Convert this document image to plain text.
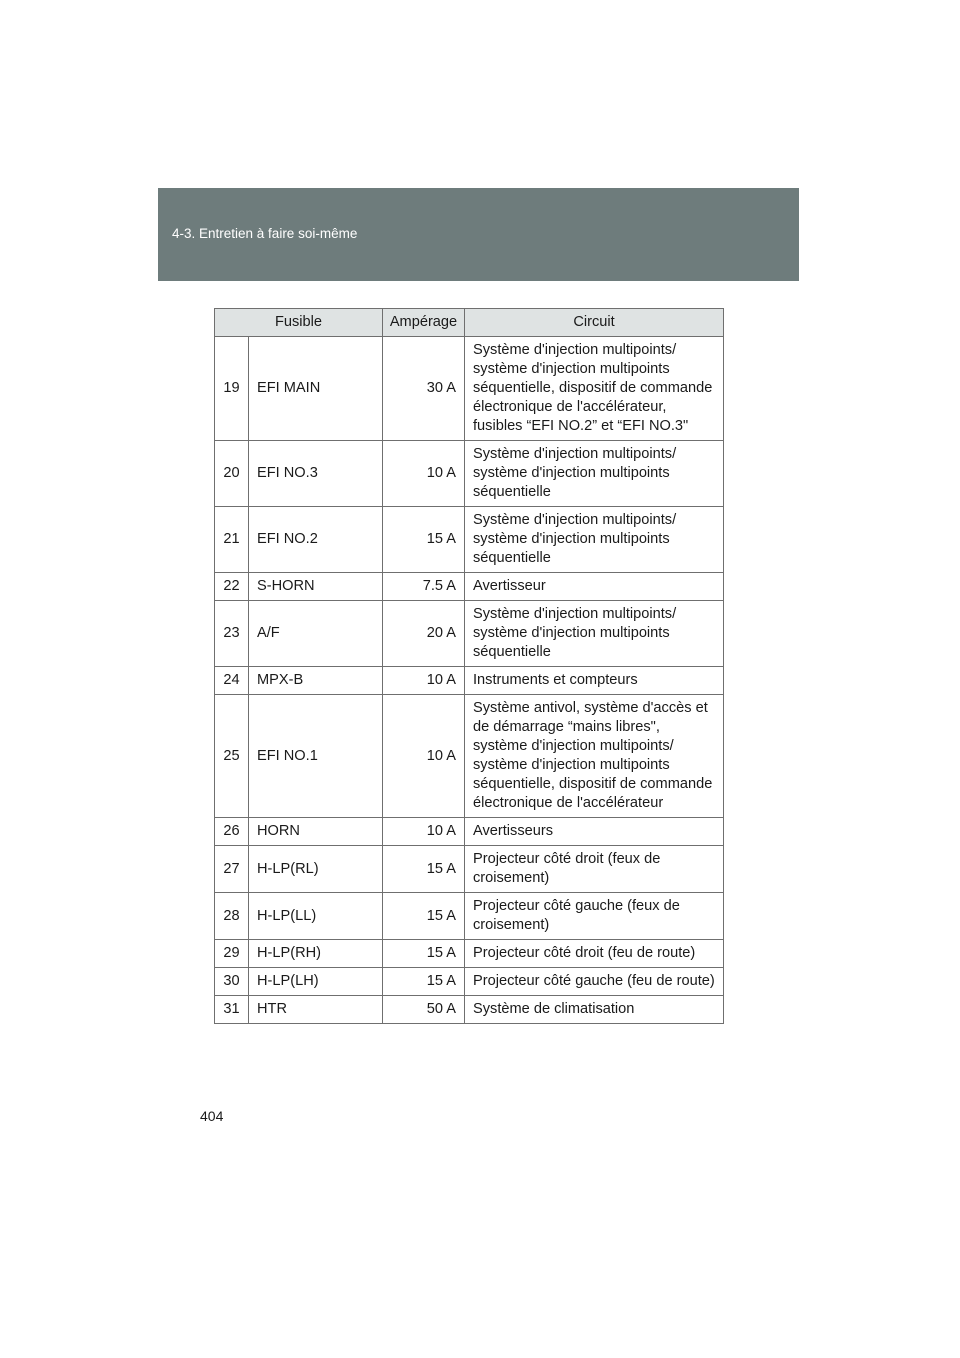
4-3. Entretien à faire soi-même
Fusible		Ampérage	Circuit
19	EFI MAIN	30 A	Système d'injection multipoints/ système d'injection multipoints séquentielle, dispositif de commande électronique de l'accélérateur, fusibles “EFI NO.2” et “EFI NO.3"
20	EFI NO.3	10 A	Système d'injection multipoints/ système d'injection multipoints séquentielle
21	EFI NO.2	15 A	Système d'injection multipoints/ système d'injection multipoints séquentielle
22	S-HORN	7.5 A	Avertisseur
23	A/F	20 A	Système d'injection multipoints/ système d'injection multipoints séquentielle
24	MPX-B	10 A	Instruments et compteurs
25	EFI NO.1	10 A	Système antivol, système d'accès et de démarrage “mains libres", système d'injection multipoints/ système d'injection multipoints séquentielle, dispositif de commande électronique de l'accélérateur
26	HORN	10 A	Avertisseurs
27	H-LP(RL)	15 A	Projecteur côté droit (feux de croisement)
28	H-LP(LL)	15 A	Projecteur côté gauche (feux de croisement)
29	H-LP(RH)	15 A	Projecteur côté droit (feu de route)
30	H-LP(LH)	15 A	Projecteur côté gauche (feu de route)
31	HTR	50 A	Système de climatisation
404
